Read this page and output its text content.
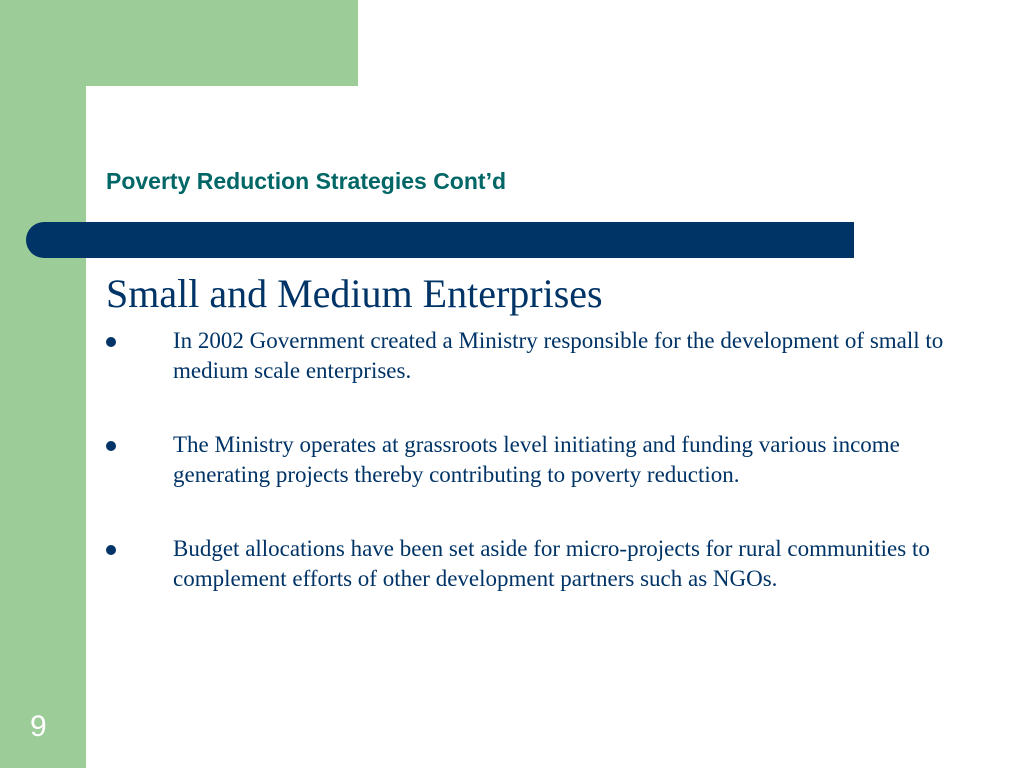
Poverty Reduction Strategies Cont’d
Small and Medium Enterprises
In 2002 Government created a Ministry responsible for the development of small to medium scale enterprises.
The Ministry operates at grassroots level initiating and funding various income generating projects thereby contributing to poverty reduction.
Budget allocations have been set aside for micro-projects for rural communities to complement efforts of other development partners such as NGOs.
9
